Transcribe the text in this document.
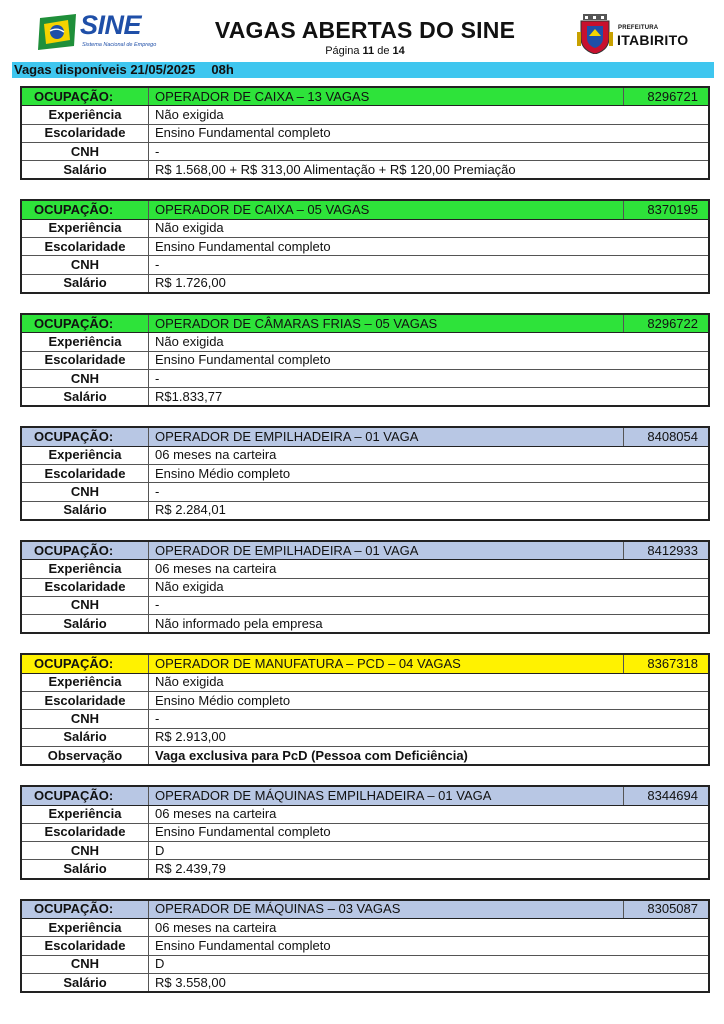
SINE
Sistema Nacional de Emprego
VAGAS ABERTAS DO SINE
Página 11 de 14
PREFEITURA
ITABIRITO
Vagas disponíveis 21/05/2025 08h
OCUPAÇÃO:	OPERADOR DE CAIXA – 13 VAGAS	8296721
Experiência	Não exigida	
Escolaridade	Ensino Fundamental completo	
CNH	-	
Salário	R$ 1.568,00 + R$ 313,00 Alimentação + R$ 120,00 Premiação	
OCUPAÇÃO:	OPERADOR DE CAIXA – 05 VAGAS	8370195
Experiência	Não exigida	
Escolaridade	Ensino Fundamental completo	
CNH	-	
Salário	R$ 1.726,00	
OCUPAÇÃO:	OPERADOR DE CÂMARAS FRIAS – 05 VAGAS	8296722
Experiência	Não exigida	
Escolaridade	Ensino Fundamental completo	
CNH	-	
Salário	R$1.833,77	
OCUPAÇÃO:	OPERADOR DE EMPILHADEIRA – 01 VAGA	8408054
Experiência	06 meses na carteira	
Escolaridade	Ensino Médio completo	
CNH	-	
Salário	R$ 2.284,01	
OCUPAÇÃO:	OPERADOR DE EMPILHADEIRA – 01 VAGA	8412933
Experiência	06 meses na carteira	
Escolaridade	Não exigida	
CNH	-	
Salário	Não informado pela empresa	
OCUPAÇÃO:	OPERADOR DE MANUFATURA – PCD – 04 VAGAS	8367318
Experiência	Não exigida	
Escolaridade	Ensino Médio completo	
CNH	-	
Salário	R$ 2.913,00	
Observação	Vaga exclusiva para PcD (Pessoa com Deficiência)	
OCUPAÇÃO:	OPERADOR DE MÁQUINAS EMPILHADEIRA – 01 VAGA	8344694
Experiência	06 meses na carteira	
Escolaridade	Ensino Fundamental completo	
CNH	D	
Salário	R$ 2.439,79	
OCUPAÇÃO:	OPERADOR DE MÁQUINAS – 03 VAGAS	8305087
Experiência	06 meses na carteira	
Escolaridade	Ensino Fundamental completo	
CNH	D	
Salário	R$ 3.558,00	
